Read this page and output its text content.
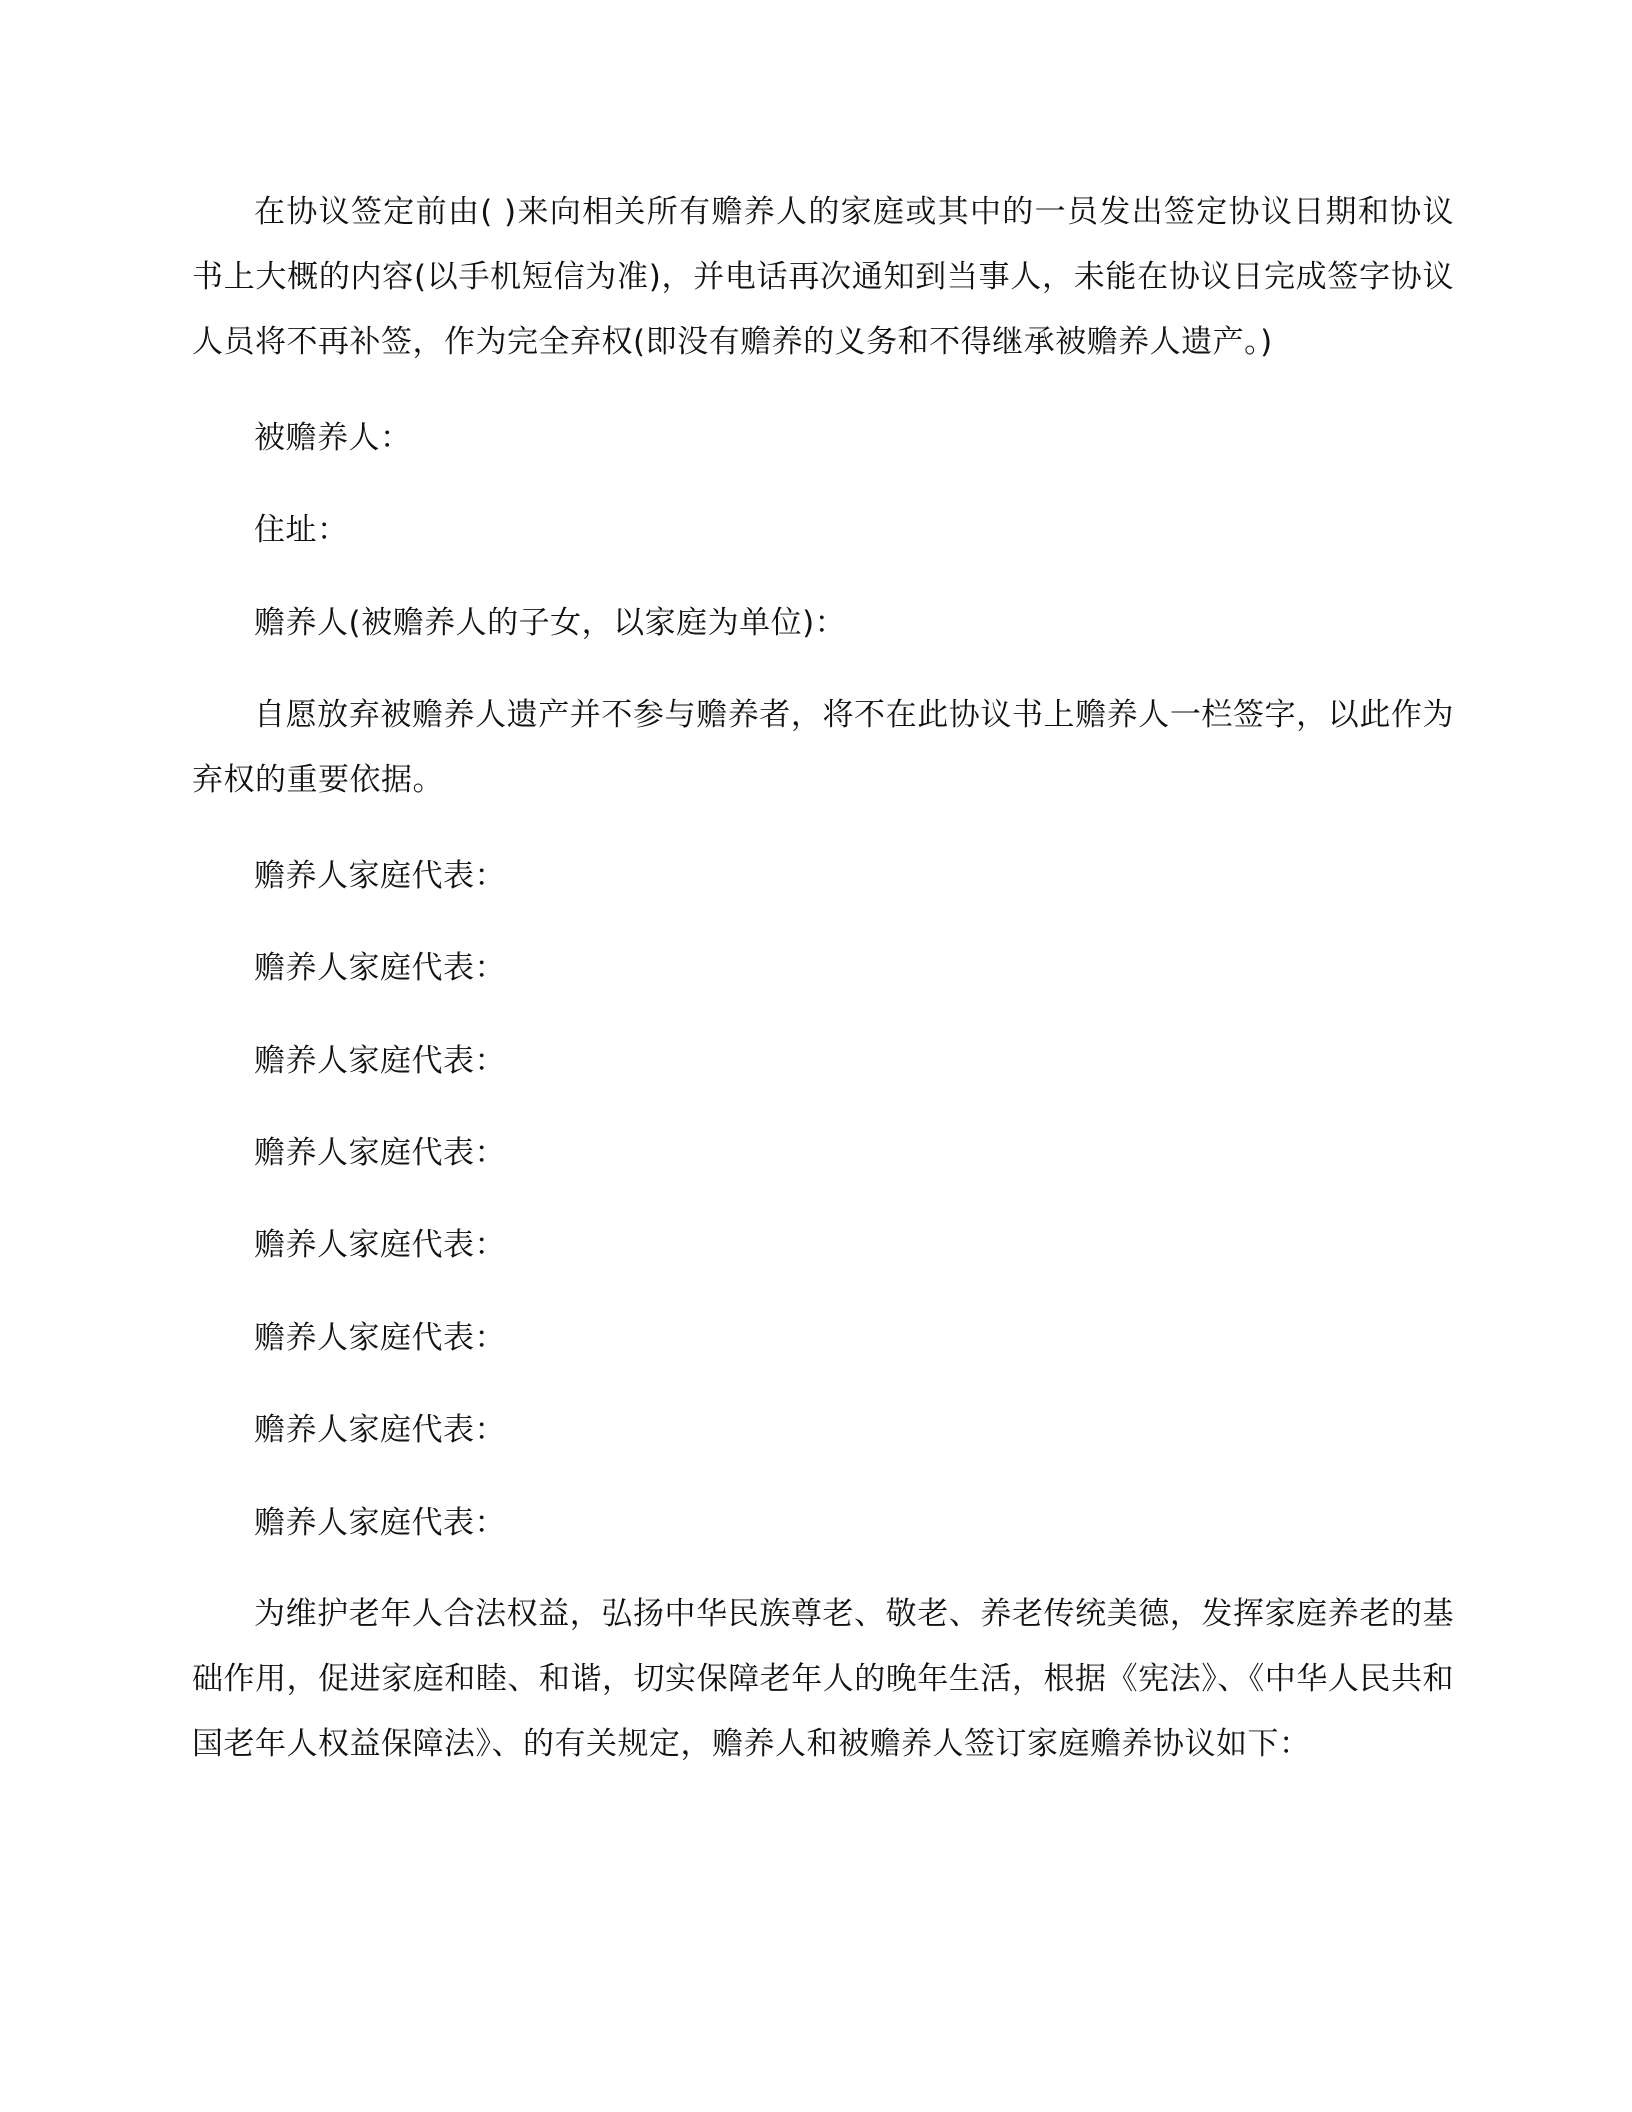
在协议签定前由( )来向相关所有赡养人的家庭或其中的一员发出签定协议日期和协议书上大概的内容(以手机短信为准)，并电话再次通知到当事人，未能在协议日完成签字协议人员将不再补签，作为完全弃权(即没有赡养的义务和不得继承被赡养人遗产。)

被赡养人：

住址：

赡养人(被赡养人的子女，以家庭为单位)：

自愿放弃被赡养人遗产并不参与赡养者，将不在此协议书上赡养人一栏签字，以此作为弃权的重要依据。

赡养人家庭代表：

赡养人家庭代表：

赡养人家庭代表：

赡养人家庭代表：

赡养人家庭代表：

赡养人家庭代表：

赡养人家庭代表：

赡养人家庭代表：

为维护老年人合法权益，弘扬中华民族尊老、敬老、养老传统美德，发挥家庭养老的基础作用，促进家庭和睦、和谐，切实保障老年人的晚年生活，根据《宪法》、《中华人民共和国老年人权益保障法》、的有关规定，赡养人和被赡养人签订家庭赡养协议如下：
